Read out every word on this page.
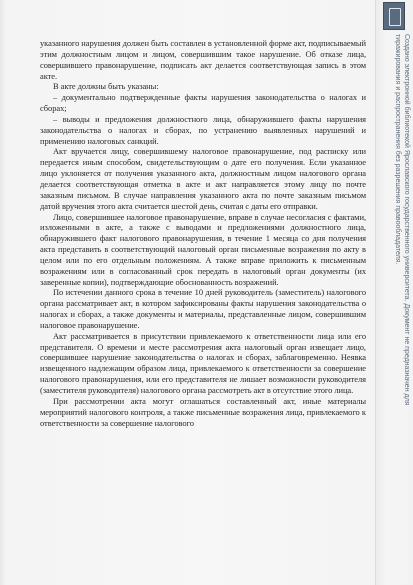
указанного нарушения должен быть составлен в установленной форме акт, подписываемый этим должностным лицом и лицом, совершившим такое нарушение. Об отказе лица, совершившего правонарушение, подписать акт делается соответствующая запись в этом акте.

В акте должны быть указаны:

– документально подтвержденные факты нарушения законодательства о налогах и сборах;

– выводы и предложения должностного лица, обнаружившего факты нарушения законодательства о налогах и сборах, по устранению выявленных нарушений и применению налоговых санкций.

Акт вручается лицу, совершившему налоговое правонарушение, под расписку или передается иным способом, свидетельствующим о дате его получения. Если указанное лицо уклоняется от получения указанного акта, должностным лицом налогового органа делается соответствующая отметка в акте и акт направляется этому лицу по почте заказным письмом. В случае направления указанного акта по почте заказным письмом датой вручения этого акта считается шестой день, считая с даты его отправки.

Лицо, совершившее налоговое правонарушение, вправе в случае несогласия с фактами, изложенными в акте, а также с выводами и предложениями должностного лица, обнаружившего факт налогового правонарушения, в течение 1 месяца со дня получения акта представить в соответствующий налоговый орган письменные возражения по акту в целом или по его отдельным положениям. А также вправе приложить к письменным возражениям или в согласованный срок передать в налоговый орган документы (их заверенные копии), подтверждающие обоснованность возражений.

По истечении данного срока в течение 10 дней руководитель (заместитель) налогового органа рассматривает акт, в котором зафиксированы факты нарушения законодательства о налогах и сборах, а также документы и материалы, представленные лицом, совершившим налоговое правонарушение.

Акт рассматривается в присутствии привлекаемого к ответственности лица или его представителя. О времени и месте рассмотрения акта налоговый орган извещает лицо, совершившее нарушение законодательства о налогах и сборах, заблаговременно. Неявка извещенного надлежащим образом лица, привлекаемого к ответственности за совершение налогового правонарушения, или его представителя не лишает возможности руководителя (заместителя руководителя) налогового органа рассмотреть акт в отсутствие этого лица.

При рассмотрении акта могут оглашаться составленный акт, иные материалы мероприятий налогового контроля, а также письменные возражения лица, привлекаемого к ответственности за совершение налогового

Создано электронной библиотекой Ярославского государственного университета. Документ не предназначен для тиражирования и распространения без разрешения правообладателя.
